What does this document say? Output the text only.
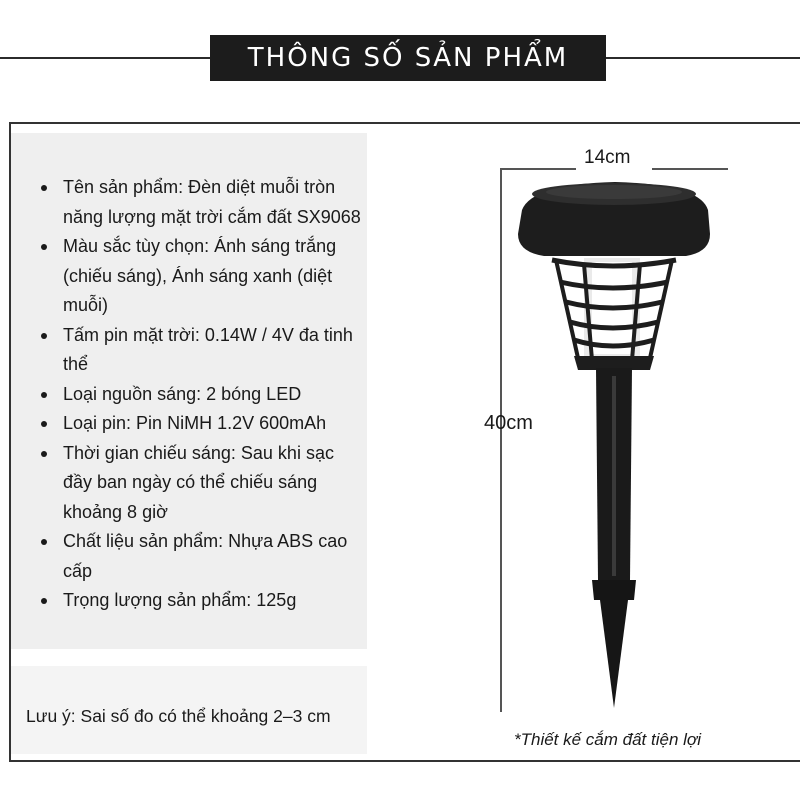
THÔNG SỐ SẢN PHẨM
Tên sản phẩm: Đèn diệt muỗi tròn năng lượng mặt trời cắm đất SX9068
Màu sắc tùy chọn: Ánh sáng trắng (chiếu sáng), Ánh sáng xanh (diệt muỗi)
Tấm pin mặt trời: 0.14W / 4V đa tinh thể
Loại nguồn sáng: 2 bóng LED
Loại pin: Pin NiMH 1.2V 600mAh
Thời gian chiếu sáng: Sau khi sạc đầy ban ngày có thể chiếu sáng khoảng 8 giờ
Chất liệu sản phẩm: Nhựa ABS cao cấp
Trọng lượng sản phẩm: 125g
Lưu ý: Sai số đo có thể khoảng 2–3 cm
14cm
40cm
*Thiết kế cắm đất tiện lợi
